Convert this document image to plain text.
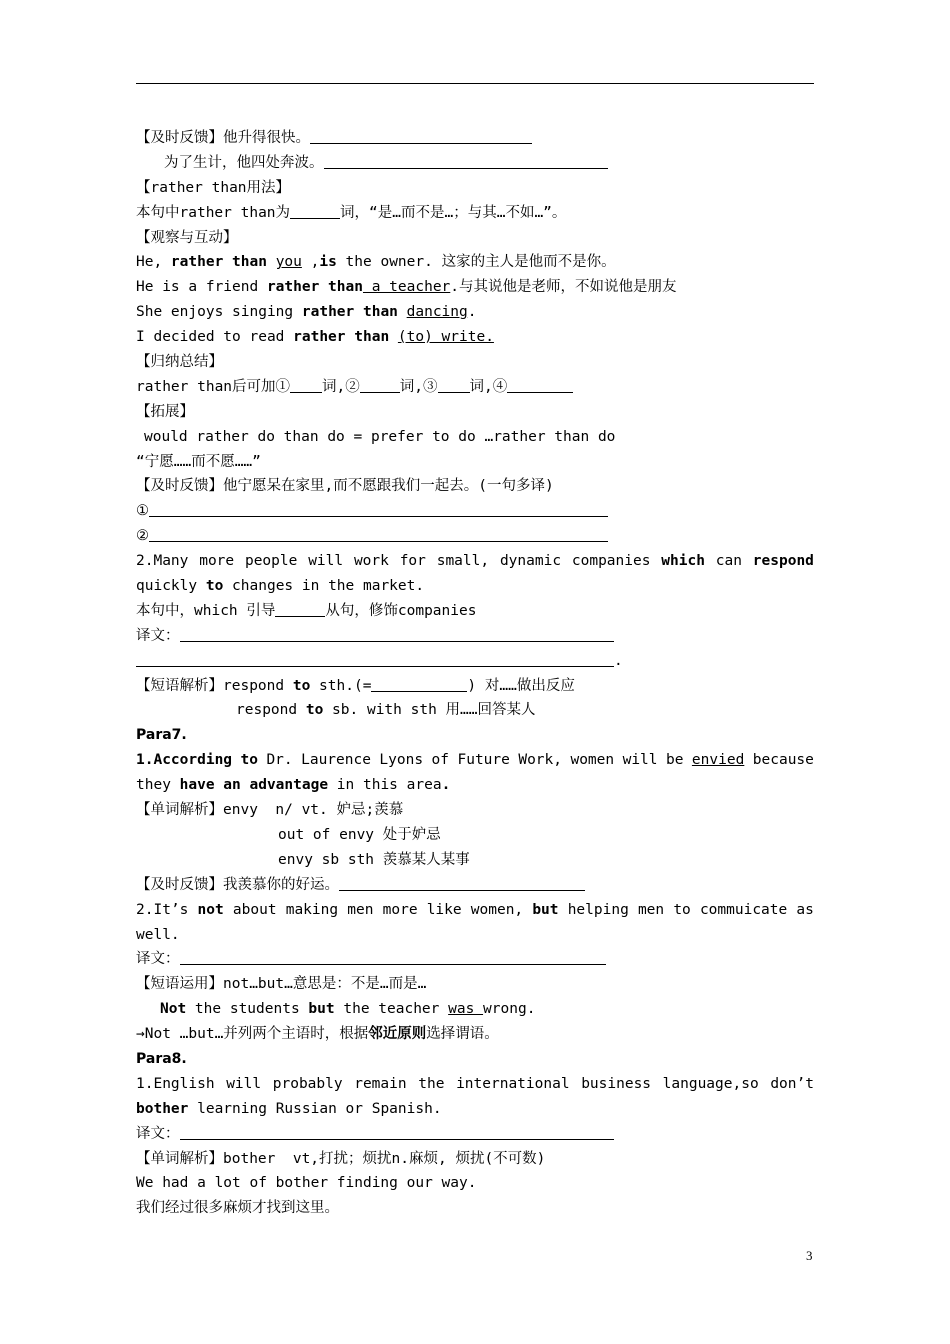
【及时反馈】他升得很快。
为了生计，他四处奔波。
【rather than用法】
本句中rather than为	词，“是…而不是…；与其…不如…”。
【观察与互动】
He, rather than you ,is the owner. 这家的主人是他而不是你。
He is a friend rather than a teacher.与其说他是老师，不如说他是朋友
She enjoys singing rather than dancing.
I decided to read rather than (to) write.
【归纳总结】
rather than后可加① 词,②	词,③ 词,④
【拓展】
would rather do than do = prefer to do …rather than do
“宁愿……而不愿……”
【及时反馈】他宁愿呆在家里,而不愿跟我们一起去。(一句多译)
①
②
2.Many more people will work for small, dynamic companies which can respond
quickly to changes in the market.
本句中，which 引导	从句，修饰companies
译文：
.
【短语解析】respond to sth.(=	) 对……做出反应
respond to sb. with sth 用……回答某人
Para7.
1.According to Dr. Laurence Lyons of Future Work, women will be envied because
they have an advantage in this area.
【单词解析】envy  n/ vt. 妒忌;羡慕
out of envy 处于妒忌
envy sb sth 羡慕某人某事
【及时反馈】我羡慕你的好运。
2.It’s not about making men more like women, but helping men to commuicate as
well.
译文：
【短语运用】not…but…意思是：不是…而是…
Not the students but the teacher was wrong.
→Not …but…并列两个主语时，根据邻近原则选择谓语。
Para8.
1.English will probably remain the international business language,so don’t
bother learning Russian or Spanish.
译文：
【单词解析】bother  vt,打扰；烦扰n.麻烦, 烦扰(不可数)
We had a lot of bother finding our way.
我们经过很多麻烦才找到这里。
3
